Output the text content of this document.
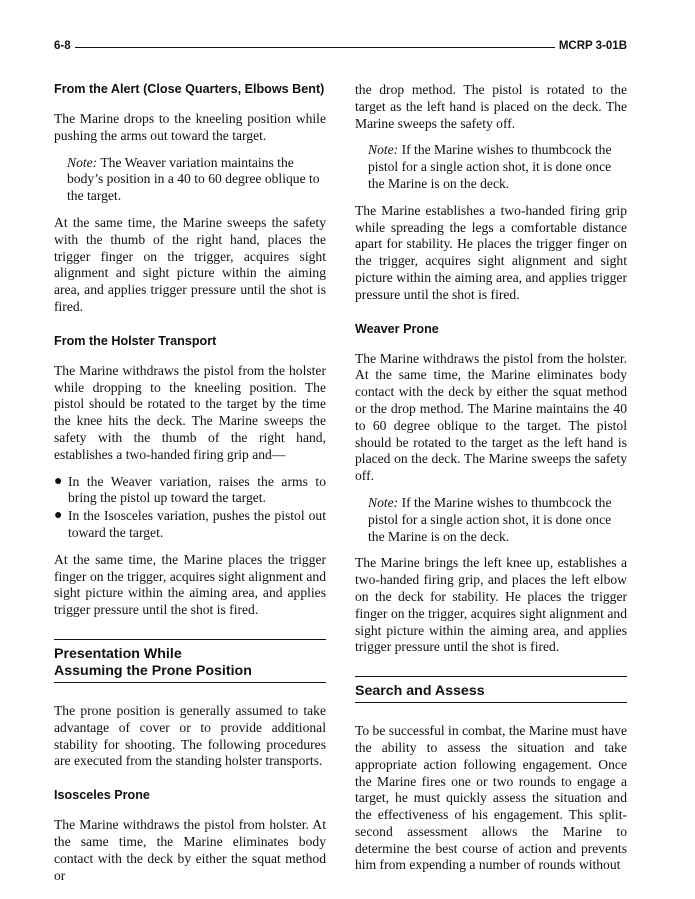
6-8	MCRP 3-01B
From the Alert (Close Quarters, Elbows Bent)

The Marine drops to the kneeling position while pushing the arms out toward the target.

Note: The Weaver variation maintains the body’s position in a 40 to 60 degree oblique to the target.

At the same time, the Marine sweeps the safety with the thumb of the right hand, places the trigger finger on the trigger, acquires sight alignment and sight picture within the aiming area, and applies trigger pressure until the shot is fired.

From the Holster Transport

The Marine withdraws the pistol from the holster while dropping to the kneeling position. The pistol should be rotated to the target by the time the knee hits the deck. The Marine sweeps the safety with the thumb of the right hand, establishes a two-handed firing grip and—

● In the Weaver variation, raises the arms to bring the pistol up toward the target.
● In the Isosceles variation, pushes the pistol out toward the target.

At the same time, the Marine places the trigger finger on the trigger, acquires sight alignment and sight picture within the aiming area, and applies trigger pressure until the shot is fired.

Presentation While
Assuming the Prone Position

The prone position is generally assumed to take advantage of cover or to provide additional stability for shooting. The following procedures are executed from the standing holster transports.

Isosceles Prone

The Marine withdraws the pistol from holster. At the same time, the Marine eliminates body contact with the deck by either the squat method or

the drop method. The pistol is rotated to the target as the left hand is placed on the deck. The Marine sweeps the safety off.

Note: If the Marine wishes to thumbcock the pistol for a single action shot, it is done once the Marine is on the deck.

The Marine establishes a two-handed firing grip while spreading the legs a comfortable distance apart for stability. He places the trigger finger on the trigger, acquires sight alignment and sight picture within the aiming area, and applies trigger pressure until the shot is fired.

Weaver Prone

The Marine withdraws the pistol from the holster. At the same time, the Marine eliminates body contact with the deck by either the squat method or the drop method. The Marine maintains the 40 to 60 degree oblique to the target. The pistol should be rotated to the target as the left hand is placed on the deck. The Marine sweeps the safety off.

Note: If the Marine wishes to thumbcock the pistol for a single action shot, it is done once the Marine is on the deck.

The Marine brings the left knee up, establishes a two-handed firing grip, and places the left elbow on the deck for stability. He places the trigger finger on the trigger, acquires sight alignment and sight picture within the aiming area, and applies trigger pressure until the shot is fired.

Search and Assess

To be successful in combat, the Marine must have the ability to assess the situation and take appropriate action following engagement. Once the Marine fires one or two rounds to engage a target, he must quickly assess the situation and the effectiveness of his engagement. This split-second assessment allows the Marine to determine the best course of action and prevents him from expending a number of rounds without
